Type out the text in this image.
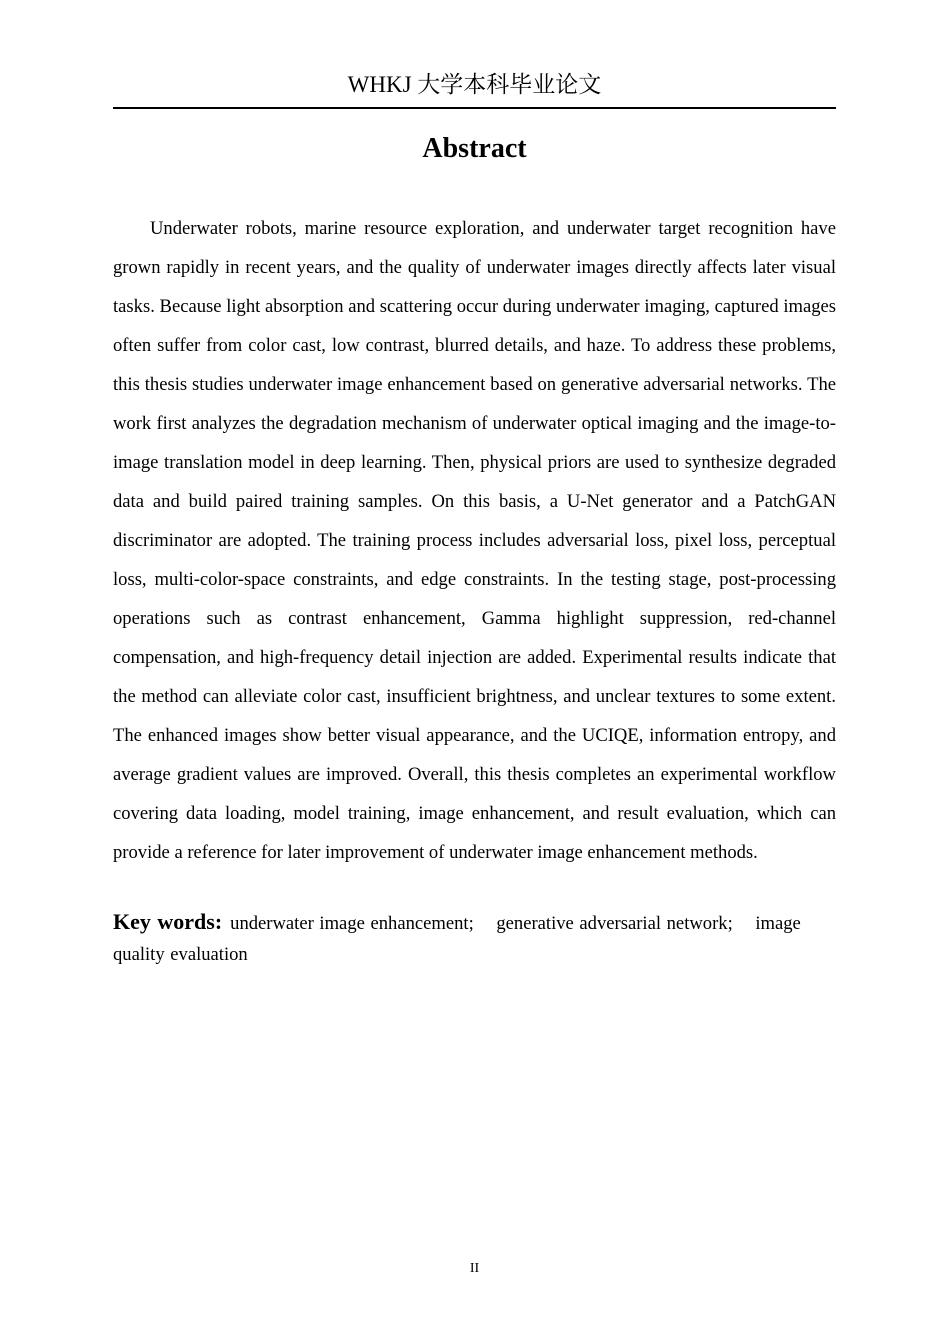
WHKJ 大学本科毕业论文
Abstract

Underwater robots, marine resource exploration, and underwater target recognition have grown rapidly in recent years, and the quality of underwater images directly affects later visual tasks. Because light absorption and scattering occur during underwater imaging, captured images often suffer from color cast, low contrast, blurred details, and haze. To address these problems, this thesis studies underwater image enhancement based on generative adversarial networks. The work first analyzes the degradation mechanism of underwater optical imaging and the image-to-image translation model in deep learning. Then, physical priors are used to synthesize degraded data and build paired training samples. On this basis, a U-Net generator and a PatchGAN discriminator are adopted. The training process includes adversarial loss, pixel loss, perceptual loss, multi-color-space constraints, and edge constraints. In the testing stage, post-processing operations such as contrast enhancement, Gamma highlight suppression, red-channel compensation, and high-frequency detail injection are added. Experimental results indicate that the method can alleviate color cast, insufficient brightness, and unclear textures to some extent. The enhanced images show better visual appearance, and the UCIQE, information entropy, and average gradient values are improved. Overall, this thesis completes an experimental workflow covering data loading, model training, image enhancement, and result evaluation, which can provide a reference for later improvement of underwater image enhancement methods.

Key words: underwater image enhancement; generative adversarial network; image quality evaluation

II
